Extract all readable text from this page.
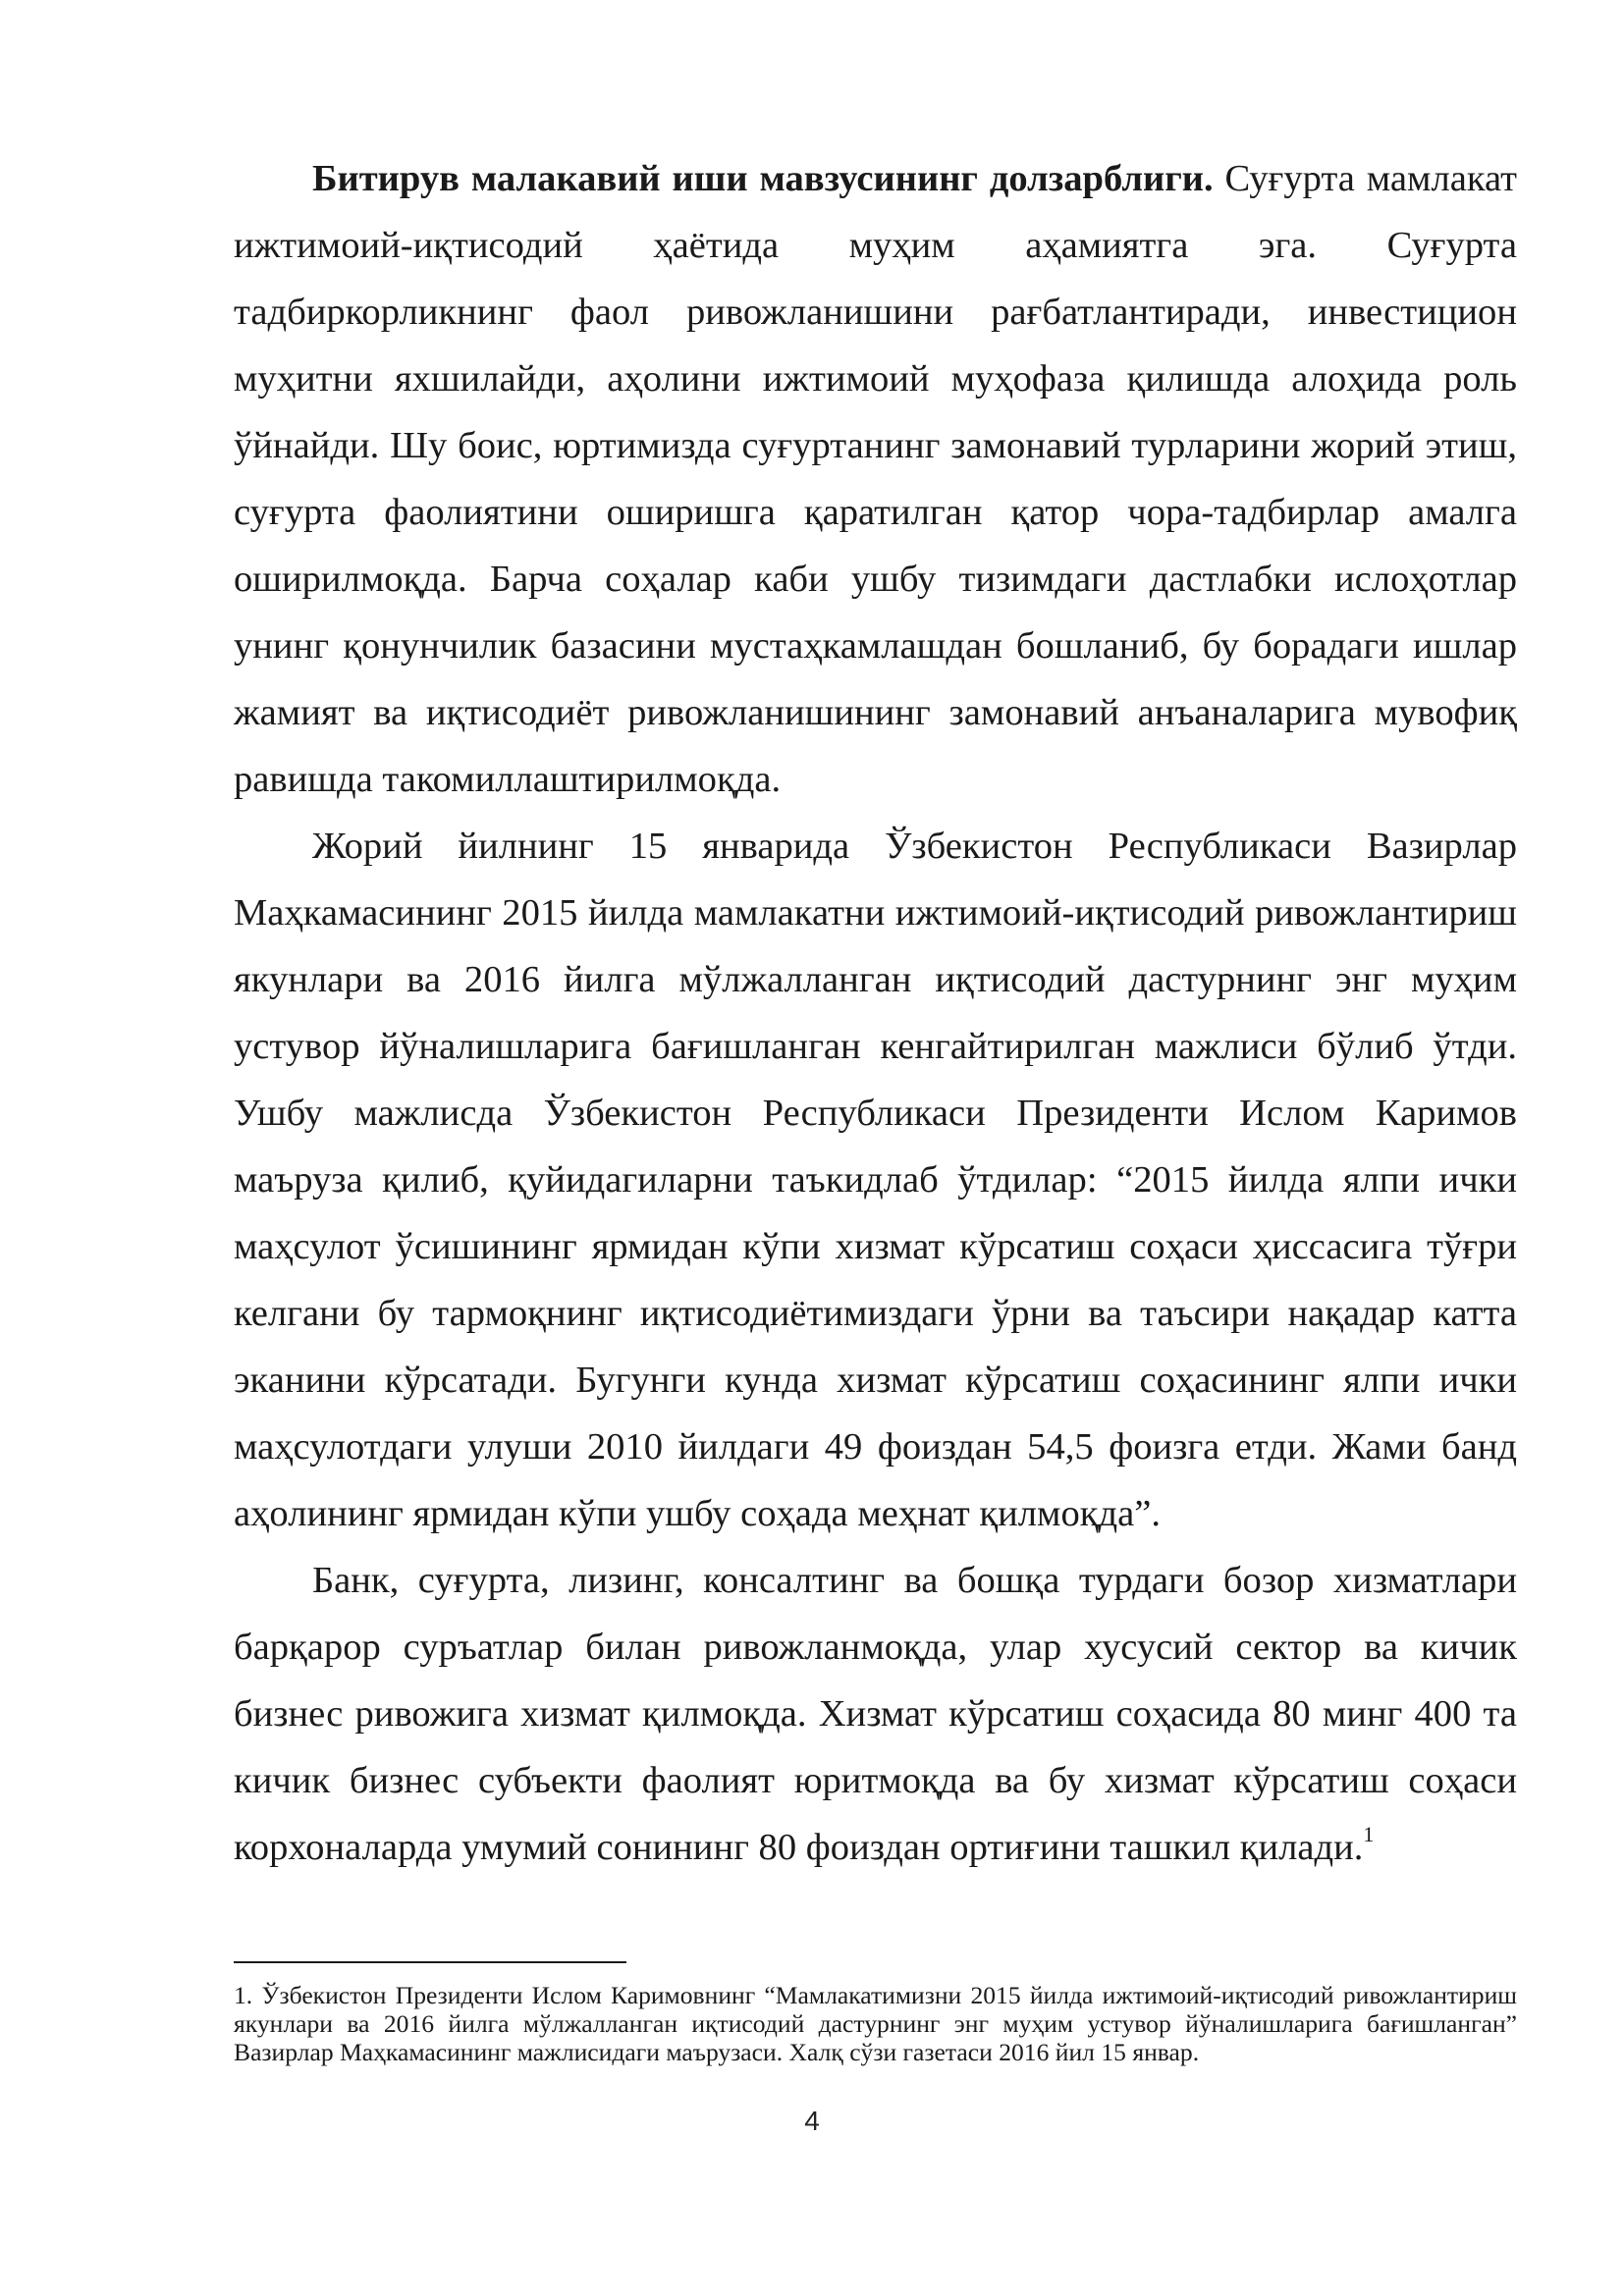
Битирув малакавий иши мавзусининг долзарблиги. Суғурта мамлакат ижтимоий-иқтисодий ҳаётида муҳим аҳамиятга эга. Суғурта тадбиркорликнинг фаол ривожланишини рағбатлантиради, инвестицион муҳитни яхшилайди, аҳолини ижтимоий муҳофаза қилишда алоҳида роль ўйнайди. Шу боис, юртимизда суғуртанинг замонавий турларини жорий этиш, суғурта фаолиятини оширишга қаратилган қатор чора-тадбирлар амалга оширилмоқда. Барча соҳалар каби ушбу тизимдаги дастлабки ислоҳотлар унинг қонунчилик базасини мустаҳкамлашдан бошланиб, бу борадаги ишлар жамият ва иқтисодиёт ривожланишининг замонавий анъаналарига мувофиқ равишда такомиллаштирилмоқда.

Жорий йилнинг 15 январида Ўзбекистон Республикаси Вазирлар Маҳкамасининг 2015 йилда мамлакатни ижтимоий-иқтисодий ривожлантириш якунлари ва 2016 йилга мўлжалланган иқтисодий дастурнинг энг муҳим устувор йўналишларига бағишланган кенгайтирилган мажлиси бўлиб ўтди. Ушбу мажлисда Ўзбекистон Республикаси Президенти Ислом Каримов маъруза қилиб, қуйидагиларни таъкидлаб ўтдилар: “2015 йилда ялпи ички маҳсулот ўсишининг ярмидан кўпи хизмат кўрсатиш соҳаси ҳиссасига тўғри келгани бу тармоқнинг иқтисодиётимиздаги ўрни ва таъсири нақадар катта эканини кўрсатади. Бугунги кунда хизмат кўрсатиш соҳасининг ялпи ички маҳсулотдаги улуши 2010 йилдаги 49 фоиздан 54,5 фоизга етди. Жами банд аҳолининг ярмидан кўпи ушбу соҳада меҳнат қилмоқда”.

Банк, суғурта, лизинг, консалтинг ва бошқа турдаги бозор хизматлари барқарор суръатлар билан ривожланмоқда, улар хусусий сектор ва кичик бизнес ривожига хизмат қилмоқда. Хизмат кўрсатиш соҳасида 80 минг 400 та кичик бизнес субъекти фаолият юритмоқда ва бу хизмат кўрсатиш соҳаси корхоналарда умумий сонининг 80 фоиздан ортиғини ташкил қилади.$^1$

1. Ўзбекистон Президенти Ислом Каримовнинг “Мамлакатимизни 2015 йилда ижтимоий-иқтисодий ривожлантириш якунлари ва 2016 йилга мўлжалланган иқтисодий дастурнинг энг муҳим устувор йўналишларига бағишланган” Вазирлар Маҳкамасининг мажлисидаги маърузаси. Халқ сўзи газетаси 2016 йил 15 январ.

4
